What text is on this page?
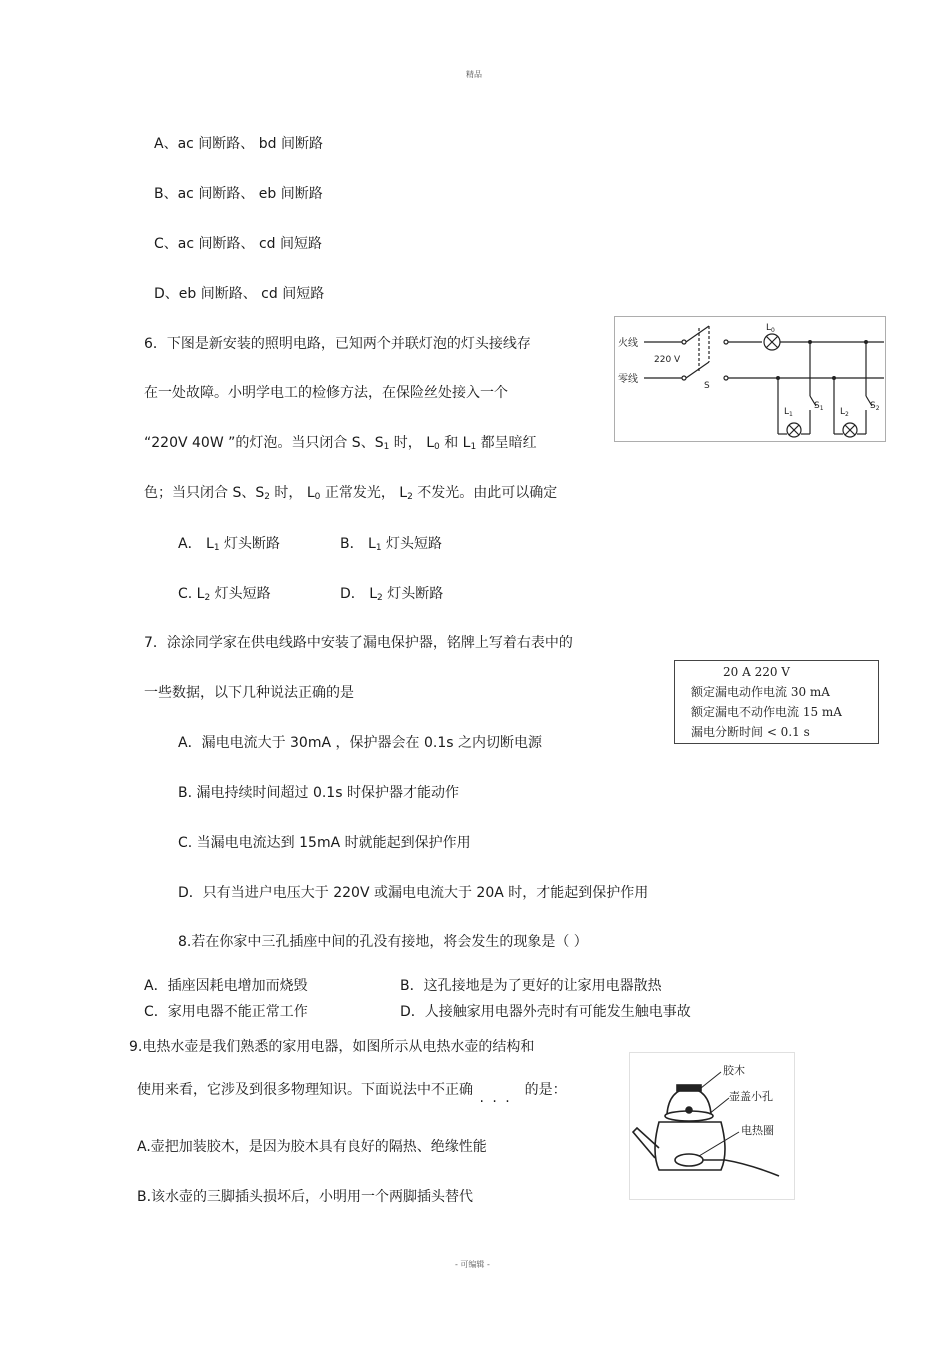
精品
- 可编辑 -
A、ac 间断路、 bd 间断路
B、ac 间断路、 eb 间断路
C、ac 间断路、 cd 间短路
D、eb 间断路、 cd 间短路
6．下图是新安装的照明电路，已知两个并联灯泡的灯头接线存
在一处故障。小明学电工的检修方法，在保险丝处接入一个
“220V 40W ”的灯泡。当只闭合 S、$S_1$ 时， $L_0$ 和 $L_1$ 都呈暗红
色；当只闭合 S、$S_2$ 时， $L_0$ 正常发光， $L_2$ 不发光。由此可以确定
A． $L_1$ 灯头断路	B． $L_1$ 灯头短路
C. $L_2$ 灯头短路	D． $L_2$ 灯头断路
火线
零线
220 V
S
$L_0$
$L_1$
$S_1$ $L_2$
$S_2$
7．涂涂同学家在供电线路中安装了漏电保护器，铭牌上写着右表中的
一些数据，以下几种说法正确的是
A．漏电电流大于 30mA ，保护器会在 0.1s 之内切断电源
B. 漏电持续时间超过 0.1s 时保护器才能动作
C. 当漏电电流达到 15mA 时就能起到保护作用
D．只有当进户电压大于 220V 或漏电电流大于 20A 时，才能起到保护作用
20 A 220 V
额定漏电动作电流 30 mA
额定漏电不动作电流 15 mA
漏电分断时间 < 0.1 s
8.若在你家中三孔插座中间的孔没有接地，将会发生的现象是（ ）
A．插座因耗电增加而烧毁	B．这孔接地是为了更好的让家用电器散热
C．家用电器不能正常工作	D．人接触家用电器外壳时有可能发生触电事故
9.电热水壶是我们熟悉的家用电器，如图所示从电热水壶的结构和
使用来看，它涉及到很多物理知识。下面说法中不正确 . . . 的是：
A.壶把加装胶木，是因为胶木具有良好的隔热、绝缘性能
B.该水壶的三脚插头损坏后，小明用一个两脚插头替代
胶木
壶盖小孔
电热圈
